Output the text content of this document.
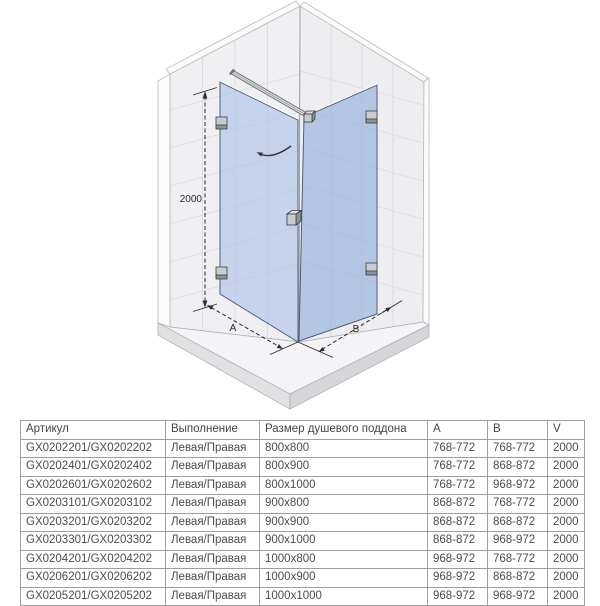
2000
A	B
Артикул	Выполнение	Размер душевого поддона	A	B	V
GX0202201/GX0202202	Левая/Правая	800x800	768-772	768-772	2000
GX0202401/GX0202402	Левая/Правая	800x900	768-772	868-872	2000
GX0202601/GX0202602	Левая/Правая	800x1000	768-772	968-972	2000
GX0203101/GX0203102	Левая/Правая	900x800	868-872	768-772	2000
GX0203201/GX0203202	Левая/Правая	900x900	868-872	868-872	2000
GX0203301/GX0203302	Левая/Правая	900x1000	868-872	968-972	2000
GX0204201/GX0204202	Левая/Правая	1000x800	968-972	768-772	2000
GX0206201/GX0206202	Левая/Правая	1000x900	968-972	868-872	2000
GX0205201/GX0205202	Левая/Правая	1000x1000	968-972	968-972	2000
